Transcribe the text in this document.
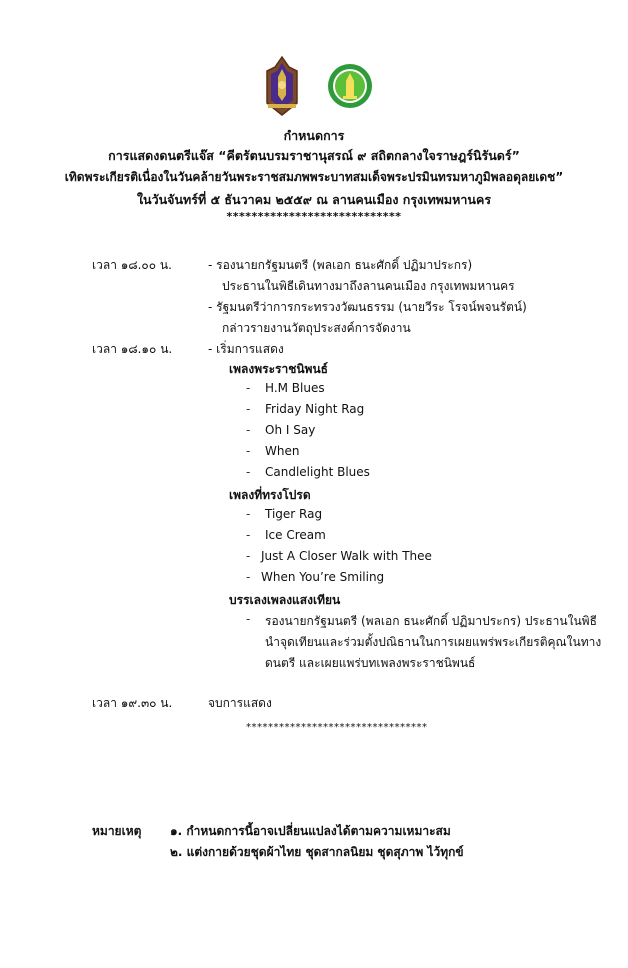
กำหนดการ
การแสดงดนตรีแจ๊ส “คีตรัตนบรมราชานุสรณ์ ๙ สถิตกลางใจราษฎร์นิรันดร์”
เทิดพระเกียรติเนื่องในวันคล้ายวันพระราชสมภพพระบาทสมเด็จพระปรมินทรมหาภูมิพลอดุลยเดช”
ในวันจันทร์ที่ ๕ ธันวาคม ๒๕๕๙ ณ ลานคนเมือง กรุงเทพมหานคร
****************************
เวลา ๑๘.๐๐ น.	- รองนายกรัฐมนตรี (พลเอก ธนะศักดิ์ ปฏิมาประกร)
ประธานในพิธีเดินทางมาถึงลานคนเมือง กรุงเทพมหานคร
- รัฐมนตรีว่าการกระทรวงวัฒนธรรม (นายวีระ โรจน์พจนรัตน์)
กล่าวรายงานวัตถุประสงค์การจัดงาน
เวลา ๑๘.๑๐ น.	- เริ่มการแสดง
เพลงพระราชนิพนธ์
- H.M Blues
- Friday Night Rag
- Oh I Say
- When
- Candlelight Blues
เพลงที่ทรงโปรด
- Tiger Rag
- Ice Cream
- Just A Closer Walk with Thee
- When You’re Smiling
บรรเลงเพลงแสงเทียน
- รองนายกรัฐมนตรี (พลเอก ธนะศักดิ์ ปฏิมาประกร) ประธานในพิธี
นำจุดเทียนและร่วมตั้งปณิธานในการเผยแพร่พระเกียรติคุณในทาง
ดนตรี และเผยแพร่บทเพลงพระราชนิพนธ์
เวลา ๑๙.๓๐ น.	จบการแสดง
*********************************
หมายเหตุ ๑. กำหนดการนี้อาจเปลี่ยนแปลงได้ตามความเหมาะสม
๒. แต่งกายด้วยชุดผ้าไทย ชุดสากลนิยม ชุดสุภาพ ไว้ทุกข์
